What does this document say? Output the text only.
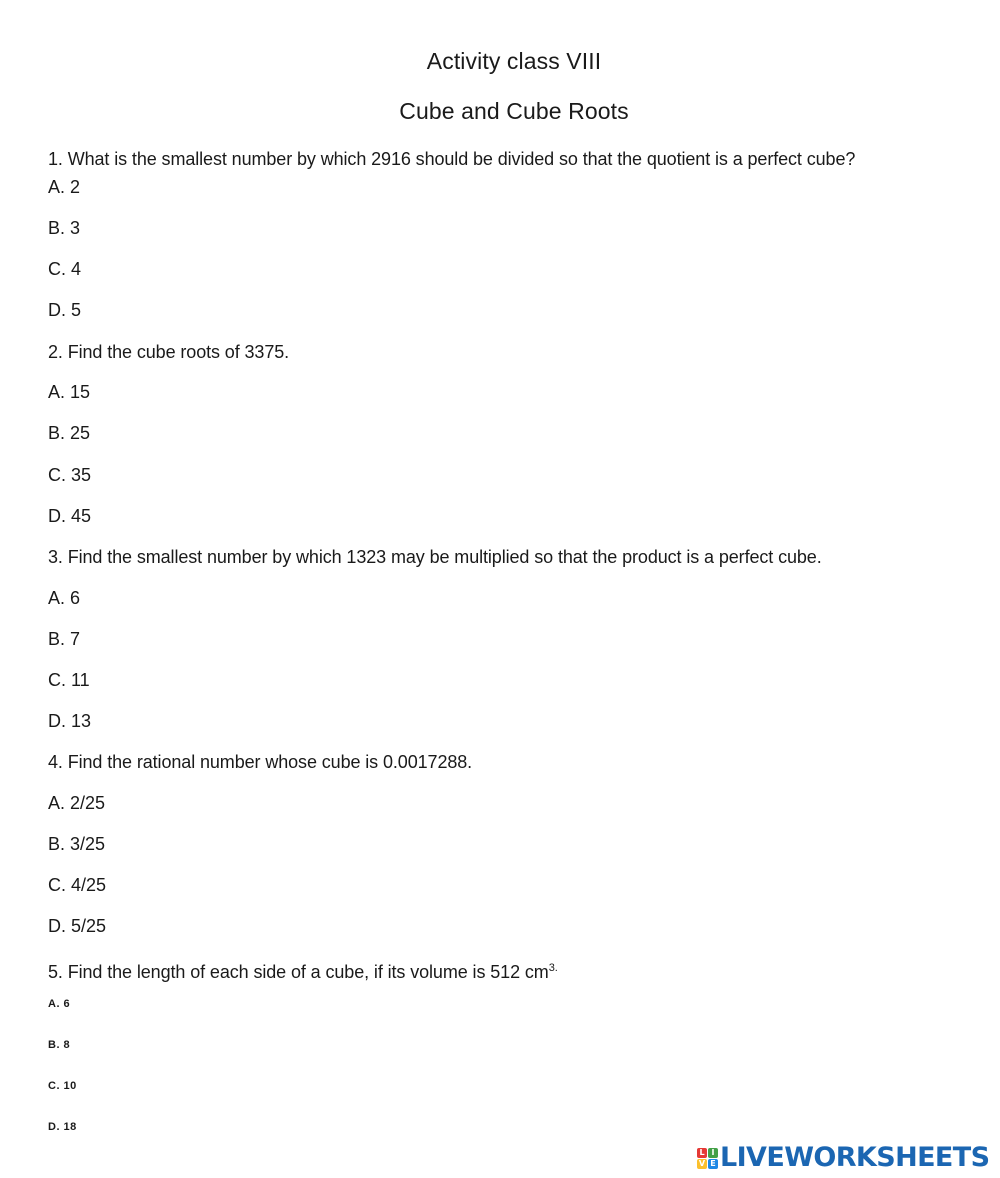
Activity class VIII
Cube and Cube Roots
1. What is the smallest number by which 2916 should be divided so that the quotient is a perfect cube?
A. 2
B. 3
C. 4
D. 5
2. Find the cube roots of 3375.
A. 15
B. 25
C. 35
D. 45
3. Find the smallest number by which 1323 may be multiplied so that the product is a perfect cube.
A. 6
B. 7
C. 11
D. 13
4. Find the rational number whose cube is 0.0017288.
A. 2/25
B. 3/25
C. 4/25
D. 5/25
5. Find the length of each side of a cube, if its volume is 512 $cm^{3.}$
A. 6
B. 8
C. 10
D. 18
L I
V E LIVEWORKSHEETS
